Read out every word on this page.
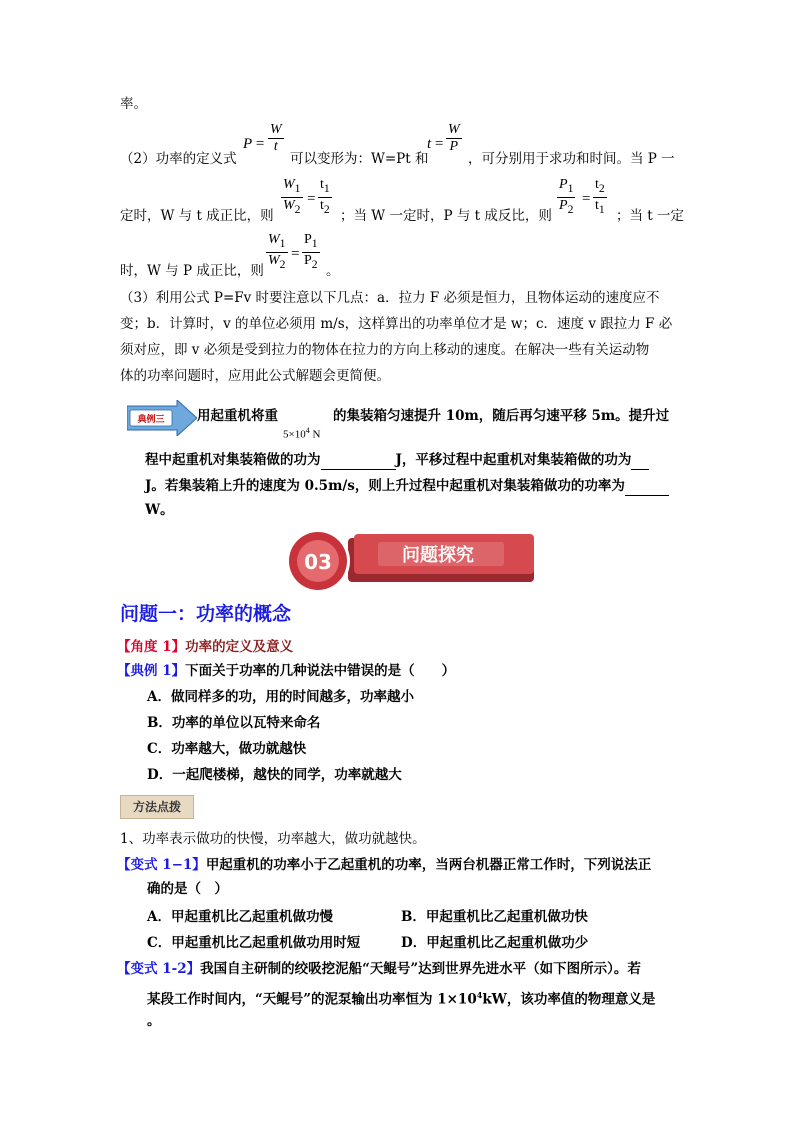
率。
（2）功率的定义式
$P = \frac{W}{t}$
可以变形为：W=Pt 和
$t = \frac{W}{P}$
，可分别用于求功和时间。当 P 一
定时，W 与 t 成正比，则 $\frac{W_1}{W_2} = \frac{t_1}{t_2}$ ；当 W 一定时，P 与 t 成反比，则 $\frac{P_1}{P_2} = \frac{t_2}{t_1}$ ；当 t 一定
时，W 与 P 成正比，则 $\frac{W_1}{W_2} = \frac{P_1}{P_2}$ 。
（3）利用公式 P=Fv 时要注意以下几点：a．拉力 F 必须是恒力，且物体运动的速度应不
变；b．计算时，v 的单位必须用 m/s，这样算出的功率单位才是 w；c．速度 v 跟拉力 F 必
须对应，即 v 必须是受到拉力的物体在拉力的方向上移动的速度。在解决一些有关运动物
体的功率问题时，应用此公式解题会更简便。
典例三 用起重机将重
$5\times 10^4$ N
的集装箱匀速提升 10m，随后再匀速平移 5m。提升过
程中起重机对集装箱做的功为	J，平移过程中起重机对集装箱做的功为
J。若集装箱上升的速度为 0.5m/s，则上升过程中起重机对集装箱做功的功率为
W。
03	问题探究
问题一：功率的概念
【角度 1】功率的定义及意义
【典例 1】下面关于功率的几种说法中错误的是（　　）
A．做同样多的功，用的时间越多，功率越小
B．功率的单位以瓦特来命名
C．功率越大，做功就越快
D．一起爬楼梯，越快的同学，功率就越大
方法点拨
1、功率表示做功的快慢，功率越大，做功就越快。
【变式 1−1】甲起重机的功率小于乙起重机的功率，当两台机器正常工作时，下列说法正
确的是（　）
A．甲起重机比乙起重机做功慢	B．甲起重机比乙起重机做功快
C．甲起重机比乙起重机做功用时短	D．甲起重机比乙起重机做功少
【变式 1-2】我国自主研制的绞吸挖泥船“天鲲号”达到世界先进水平（如下图所示）。若
某段工作时间内，“天鲲号”的泥泵输出功率恒为 $1\times 10^4kW$，该功率值的物理意义是
。
